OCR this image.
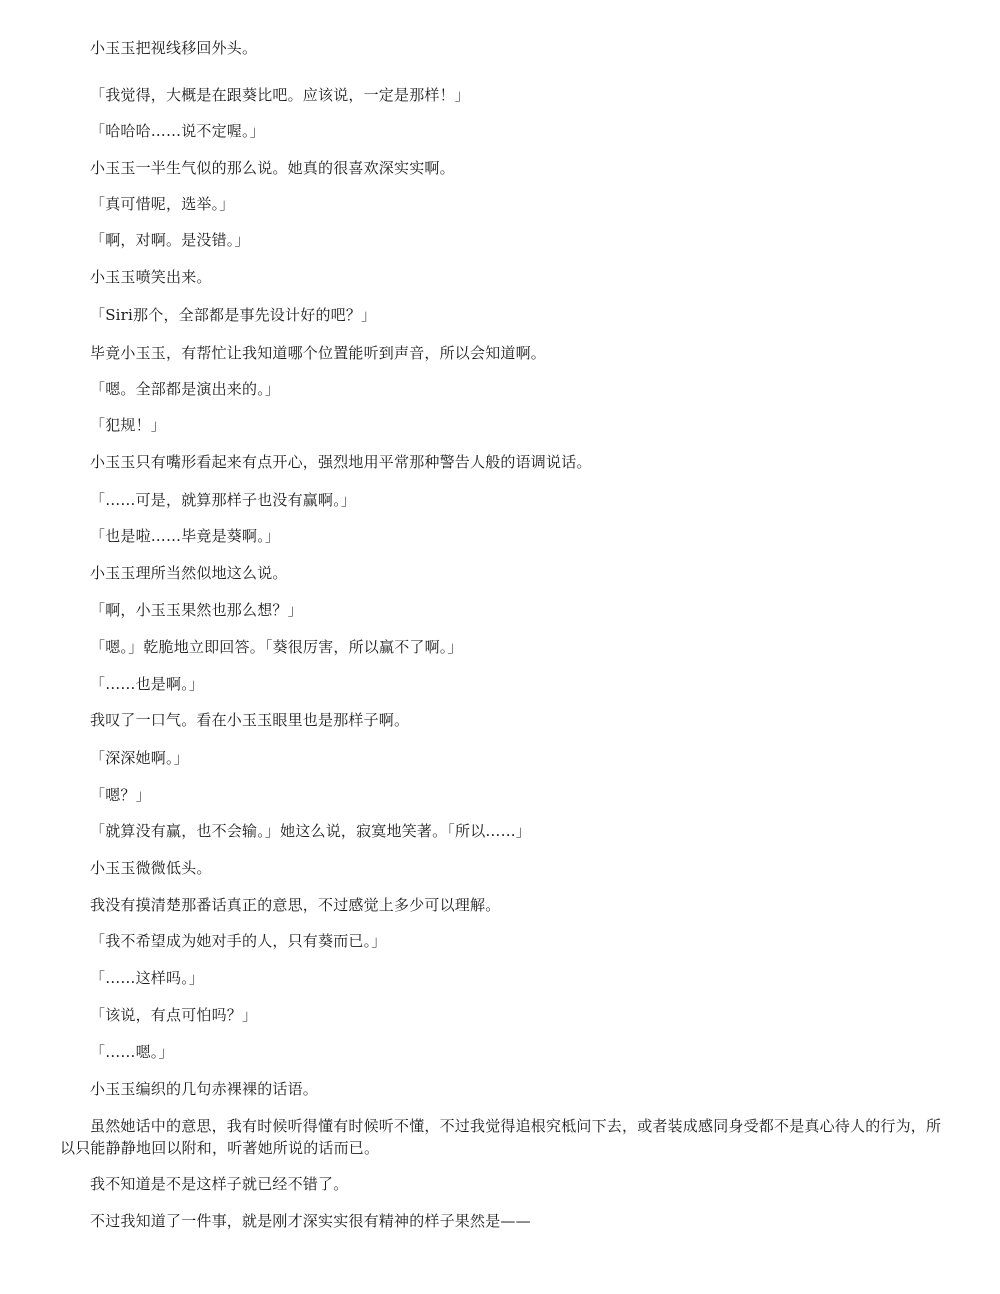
小玉玉把视线移回外头。

「我觉得，大概是在跟葵比吧。应该说，一定是那样！」

「哈哈哈……说不定喔。」

小玉玉一半生气似的那么说。她真的很喜欢深实实啊。

「真可惜呢，选举。」

「啊，对啊。是没错。」

小玉玉喷笑出来。

「Siri那个，全部都是事先设计好的吧？」

毕竟小玉玉，有帮忙让我知道哪个位置能听到声音，所以会知道啊。

「嗯。全部都是演出来的。」

「犯规！」

小玉玉只有嘴形看起来有点开心，强烈地用平常那种警告人般的语调说话。

「……可是，就算那样子也没有赢啊。」

「也是啦……毕竟是葵啊。」

小玉玉理所当然似地这么说。

「啊，小玉玉果然也那么想？」

「嗯。」乾脆地立即回答。「葵很厉害，所以赢不了啊。」

「……也是啊。」

我叹了一口气。看在小玉玉眼里也是那样子啊。

「深深她啊。」

「嗯？」

「就算没有赢，也不会输。」她这么说，寂寞地笑著。「所以……」

小玉玉微微低头。

我没有摸清楚那番话真正的意思，不过感觉上多少可以理解。

「我不希望成为她对手的人，只有葵而已。」

「……这样吗。」

「该说，有点可怕吗？」

「……嗯。」

小玉玉编织的几句赤裸裸的话语。

虽然她话中的意思，我有时候听得懂有时候听不懂，不过我觉得追根究柢问下去，或者装成感同身受都不是真心待人的行为，所以只能静静地回以附和，听著她所说的话而已。

我不知道是不是这样子就已经不错了。

不过我知道了一件事，就是刚才深实实很有精神的样子果然是——
